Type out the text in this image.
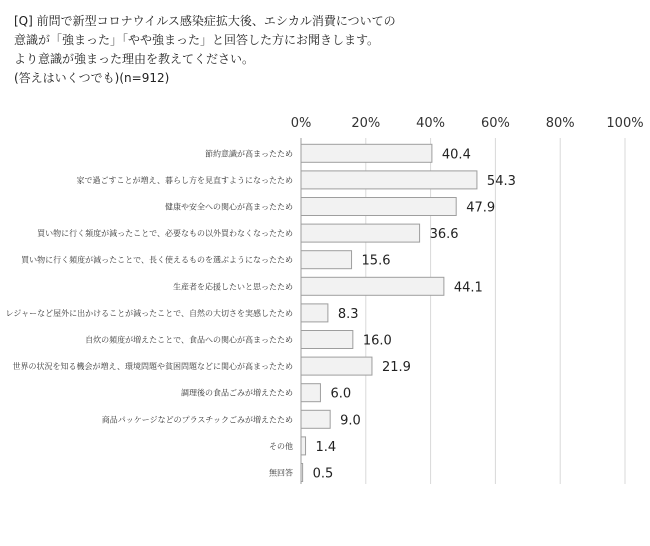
[Q] 前問で新型コロナウイルス感染症拡大後、エシカル消費についての
意識が「強まった」「やや強まった」と回答した方にお聞きします。
より意識が強まった理由を教えてください。
(答えはいくつでも)(n=912)
0%	20%	40%	60%	80% 100%
節約意識が高まったため	40.4
家で過ごすことが増え、暮らし方を見直すようになったため	54.3
健康や安全への関心が高まったため	47.9
買い物に行く頻度が減ったことで、必要なもの以外買わなくなったため	36.6
買い物に行く頻度が減ったことで、長く使えるものを選ぶようになったため	15.6
生産者を応援したいと思ったため	44.1
レジャーなど屋外に出かけることが減ったことで、自然の大切さを実感したため	8.3
自炊の頻度が増えたことで、食品への関心が高まったため	16.0
世界の状況を知る機会が増え、環境問題や貧困問題などに関心が高まったため	21.9
調理後の食品ごみが増えたため	6.0
商品パッケージなどのプラスチックごみが増えたため	9.0
その他 1.4
無回答 0.5
